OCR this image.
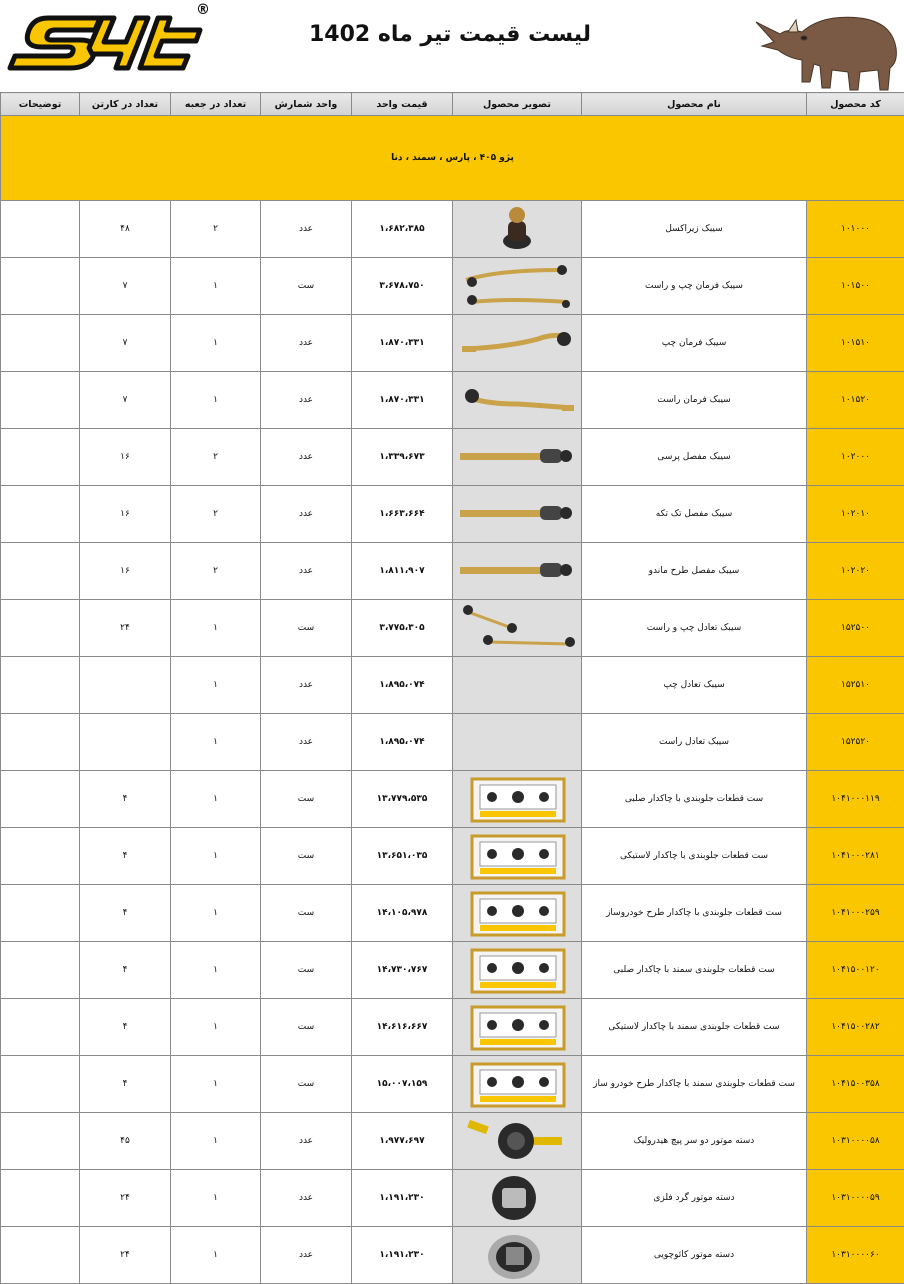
®
لیست قیمت تیر ماه 1402
کد محصول	نام محصول	تصویر محصول	قیمت واحد	واحد شمارش	تعداد در جعبه	تعداد در کارتن	توضیحات
پژو ۴۰۵ ، پارس ، سمند ، دنا							
۱۰۱۰۰۰	سیبک زیراکسل		۱،۶۸۲،۳۸۵	عدد	۲	۴۸	
۱۰۱۵۰۰	سیبک فرمان چپ و راست		۳،۶۷۸،۷۵۰	ست	۱	۷	
۱۰۱۵۱۰	سیبک فرمان چپ		۱،۸۷۰،۳۳۱	عدد	۱	۷	
۱۰۱۵۲۰	سیبک فرمان راست		۱،۸۷۰،۳۳۱	عدد	۱	۷	
۱۰۲۰۰۰	سیبک مفصل پرسی		۱،۳۳۹،۶۷۳	عدد	۲	۱۶	
۱۰۲۰۱۰	سیبک مفصل تک تکه		۱،۶۶۳،۶۶۴	عدد	۲	۱۶	
۱۰۲۰۲۰	سیبک مفصل طرح ماندو		۱،۸۱۱،۹۰۷	عدد	۲	۱۶	
۱۵۲۵۰۰	سیبک تعادل چپ و راست		۳،۷۷۵،۳۰۵	ست	۱	۲۴	
۱۵۲۵۱۰	سیبک تعادل چپ		۱،۸۹۵،۰۷۴	عدد	۱		
۱۵۲۵۲۰	سیبک تعادل راست		۱،۸۹۵،۰۷۴	عدد	۱		
۱۰۴۱۰۰۰۱۱۹	ست قطعات جلوبندی با چاکدار صلبی		۱۳،۷۷۹،۵۳۵	ست	۱	۴	
۱۰۴۱۰۰۰۲۸۱	ست قطعات جلوبندی با چاکدار لاستیکی		۱۳،۶۵۱،۰۳۵	ست	۱	۴	
۱۰۴۱۰۰۰۲۵۹	ست قطعات جلوبندی با چاکدار طرح خودروساز		۱۴،۱۰۵،۹۷۸	ست	۱	۴	
۱۰۴۱۵۰۰۱۲۰	ست قطعات جلوبندی سمند با چاکدار صلبی		۱۴،۷۳۰،۷۶۷	ست	۱	۴	
۱۰۴۱۵۰۰۲۸۲	ست قطعات جلوبندی سمند با چاکدار لاستیکی		۱۴،۶۱۶،۶۶۷	ست	۱	۴	
۱۰۴۱۵۰۰۳۵۸	ست قطعات جلوبندی سمند با چاکدار طرح خودرو ساز		۱۵،۰۰۷،۱۵۹	ست	۱	۴	
۱۰۳۱۰۰۰۰۵۸	دسته موتور دو سر پیچ هیدرولیک		۱،۹۷۷،۶۹۷	عدد	۱	۴۵	
۱۰۳۱۰۰۰۰۵۹	دسته موتور گرد فلزی		۱،۱۹۱،۲۳۰	عدد	۱	۲۴	
۱۰۳۱۰۰۰۰۶۰	دسته موتور کائوچویی		۱،۱۹۱،۲۳۰	عدد	۱	۲۴	
